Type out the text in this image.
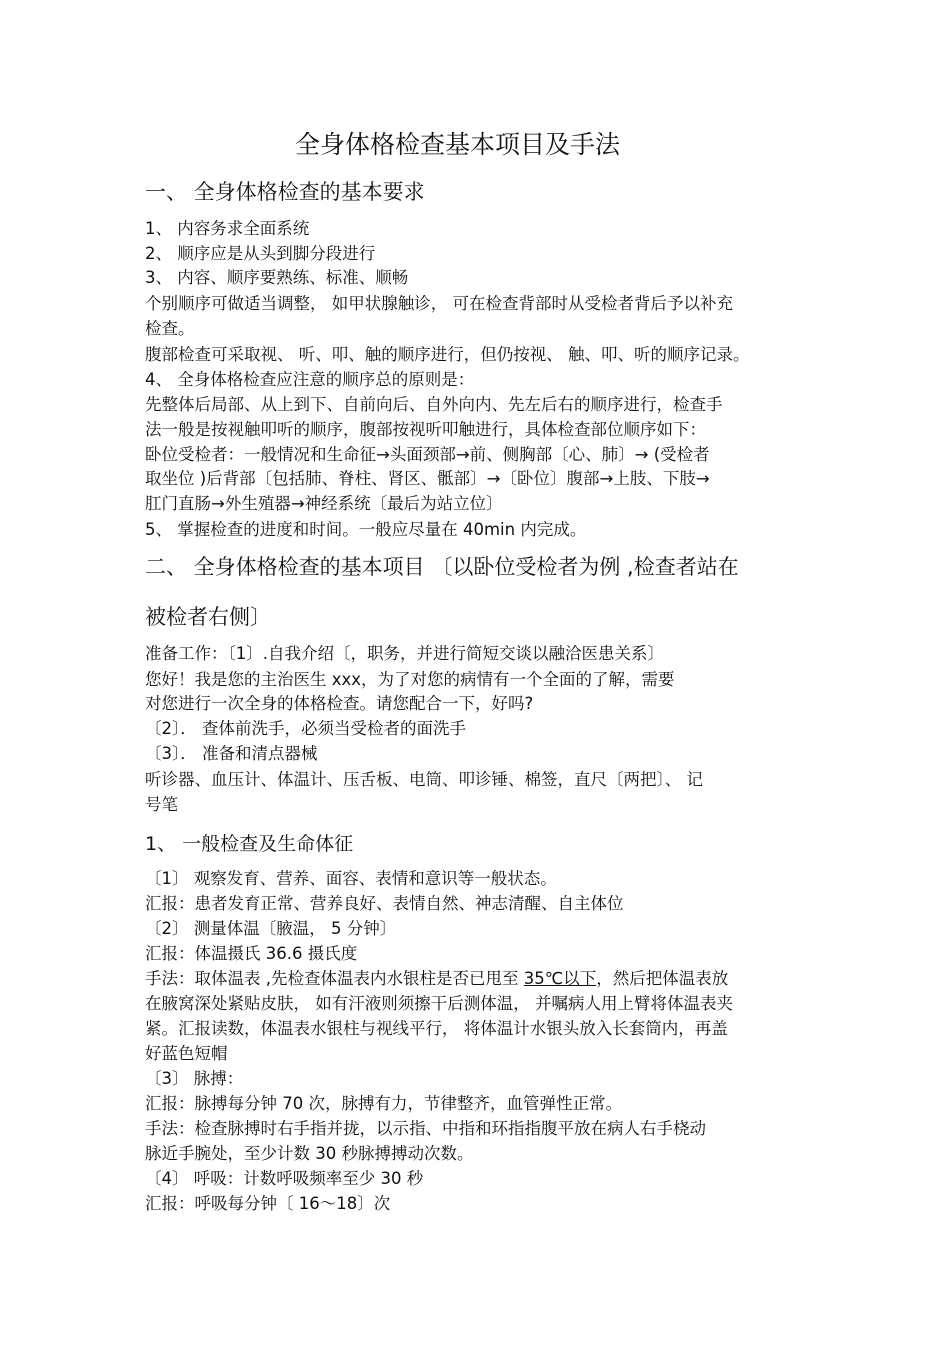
全身体格检查基本项目及手法
一、 全身体格检查的基本要求
1、 内容务求全面系统
2、 顺序应是从头到脚分段进行
3、 内容、顺序要熟练、标准、顺畅
个别顺序可做适当调整， 如甲状腺触诊， 可在检查背部时从受检者背后予以补充
检查。
腹部检查可采取视、 听、叩、触的顺序进行，但仍按视、 触、叩、听的顺序记录。
4、 全身体格检查应注意的顺序总的原则是：
先整体后局部、从上到下、自前向后、自外向内、先左后右的顺序进行，检查手
法一般是按视触叩听的顺序，腹部按视听叩触进行，具体检查部位顺序如下：
卧位受检者：一般情况和生命征→头面颈部→前、侧胸部〔心、肺〕→ (受检者
取坐位 )后背部〔包括肺、脊柱、肾区、骶部〕→〔卧位〕腹部→上肢、下肢→
肛门直肠→外生殖器→神经系统〔最后为站立位〕
5、 掌握检查的进度和时间。一般应尽量在 40min 内完成。
二、 全身体格检查的基本项目 〔以卧位受检者为例 ,检查者站在
被检者右侧〕
准备工作：〔1〕.自我介绍〔，职务，并进行简短交谈以融洽医患关系〕
您好！我是您的主治医生 xxx，为了对您的病情有一个全面的了解，需要
对您进行一次全身的体格检查。请您配合一下，好吗?
〔2〕． 查体前洗手，必须当受检者的面洗手
〔3〕． 准备和清点器械
听诊器、血压计、体温计、压舌板、电筒、叩诊锤、棉签，直尺〔两把〕、 记
号笔
1、 一般检查及生命体征
〔1〕 观察发育、营养、面容、表情和意识等一般状态。
汇报：患者发育正常、营养良好、表情自然、神志清醒、自主体位
〔2〕 测量体温〔腋温， 5 分钟〕
汇报：体温摄氏 36.6 摄氏度
手法：取体温表 ,先检查体温表内水银柱是否已甩至 35℃以下，然后把体温表放
在腋窝深处紧贴皮肤， 如有汗液则须擦干后测体温， 并嘱病人用上臂将体温表夹
紧。汇报读数，体温表水银柱与视线平行， 将体温计水银头放入长套筒内，再盖
好蓝色短帽
〔3〕 脉搏：
汇报：脉搏每分钟 70 次，脉搏有力，节律整齐，血管弹性正常。
手法：检查脉搏时右手指并拢，以示指、中指和环指指腹平放在病人右手桡动
脉近手腕处，至少计数 30 秒脉搏搏动次数。
〔4〕 呼吸：计数呼吸频率至少 30 秒
汇报：呼吸每分钟〔 16～18〕次
